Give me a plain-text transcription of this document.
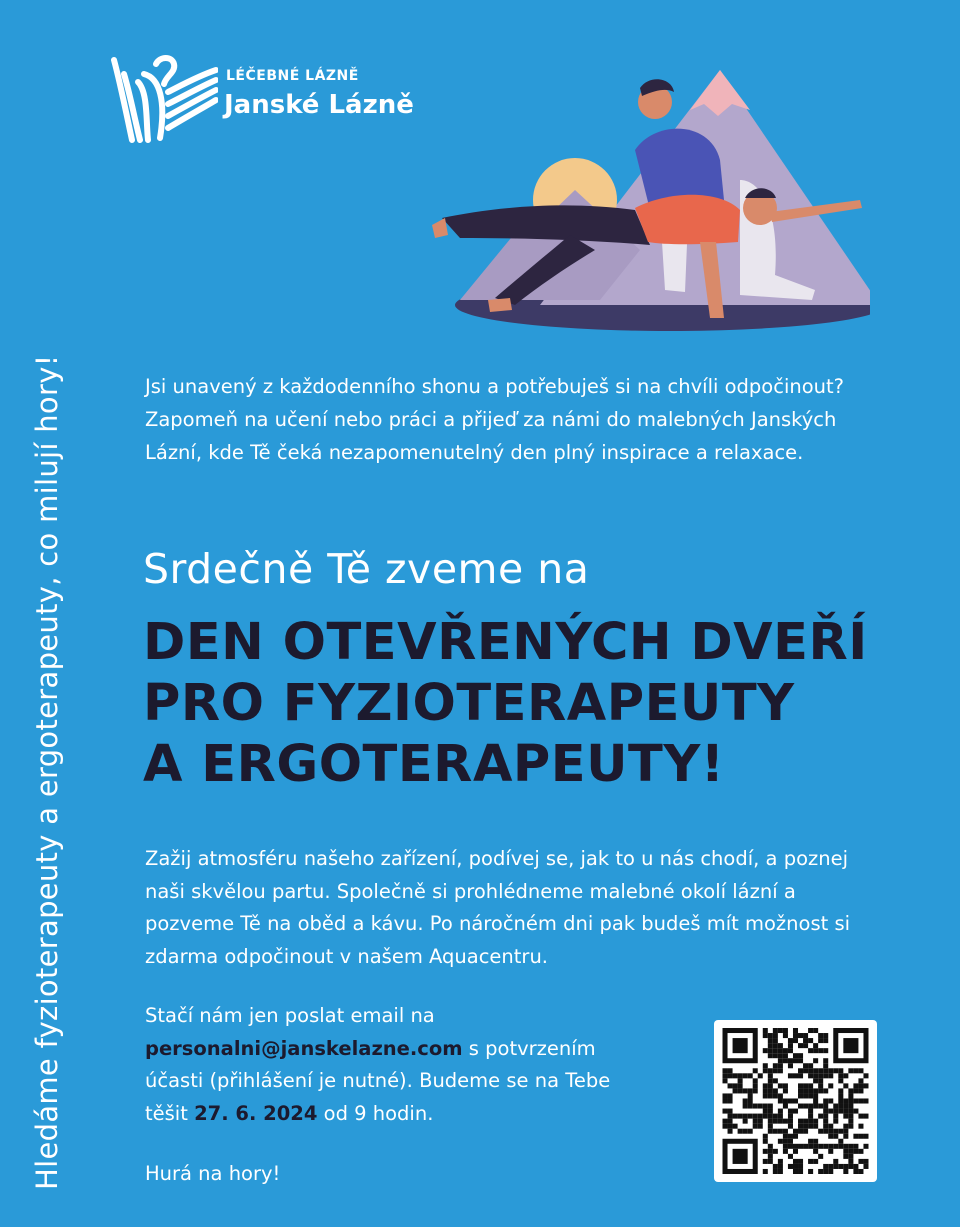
Hledáme fyzioterapeuty a ergoterapeuty, co milují hory!
LÉČEBNÉ LÁZNĚ
Janské Lázně
Jsi unavený z každodenního shonu a potřebuješ si na chvíli odpočinout? Zapomeň na učení nebo práci a přijeď za námi do malebných Janských Lázní, kde Tě čeká nezapomenutelný den plný inspirace a relaxace.
Srdečně Tě zveme na
DEN OTEVŘENÝCH DVEŘÍ
PRO FYZIOTERAPEUTY
A ERGOTERAPEUTY!
Zažij atmosféru našeho zařízení, podívej se, jak to u nás chodí, a poznej naši skvělou partu. Společně si prohlédneme malebné okolí lázní a pozveme Tě na oběd a kávu. Po náročném dni pak budeš mít možnost si zdarma odpočinout v našem Aquacentru.
Stačí nám jen poslat email na
personalni@janskelazne.com s potvrzením účasti (přihlášení je nutné). Budeme se na Tebe těšit 27. 6. 2024 od 9 hodin.
Hurá na hory!
